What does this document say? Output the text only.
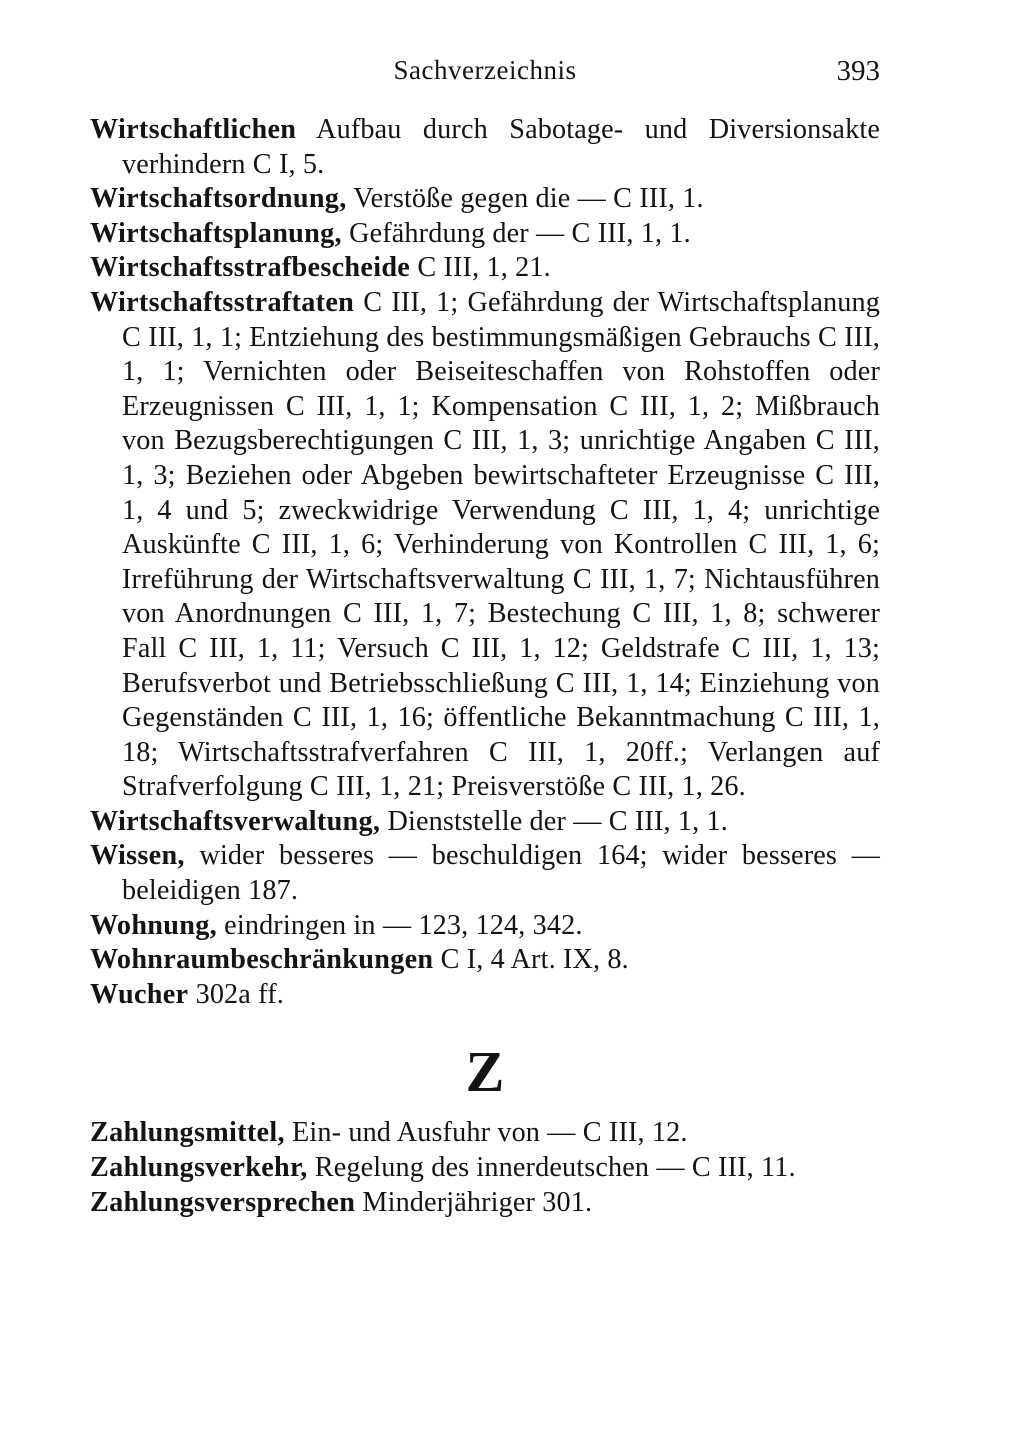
Sachverzeichnis	393

Wirtschaftlichen Aufbau durch Sabotage- und Diversionsakte verhindern C I, 5.

Wirtschaftsordnung, Verstöße gegen die — C III, 1.

Wirtschaftsplanung, Gefährdung der — C III, 1, 1.

Wirtschaftsstrafbescheide C III, 1, 21.

Wirtschaftsstraftaten C III, 1; Gefährdung der Wirtschaftsplanung C III, 1, 1; Entziehung des bestimmungsmäßigen Gebrauchs C III, 1, 1; Vernichten oder Beiseiteschaffen von Rohstoffen oder Erzeugnissen C III, 1, 1; Kompensation C III, 1, 2; Mißbrauch von Bezugsberechtigungen C III, 1, 3; unrichtige Angaben C III, 1, 3; Beziehen oder Abgeben bewirtschafteter Erzeugnisse C III, 1, 4 und 5; zweckwidrige Verwendung C III, 1, 4; unrichtige Auskünfte C III, 1, 6; Verhinderung von Kontrollen C III, 1, 6; Irreführung der Wirtschaftsverwaltung C III, 1, 7; Nichtausführen von Anordnungen C III, 1, 7; Bestechung C III, 1, 8; schwerer Fall C III, 1, 11; Versuch C III, 1, 12; Geldstrafe C III, 1, 13; Berufsverbot und Betriebsschließung C III, 1, 14; Einziehung von Gegenständen C III, 1, 16; öffentliche Bekanntmachung C III, 1, 18; Wirtschaftsstrafverfahren C III, 1, 20ff.; Verlangen auf Strafverfolgung C III, 1, 21; Preisverstöße C III, 1, 26.

Wirtschaftsverwaltung, Dienststelle der — C III, 1, 1.

Wissen, wider besseres — beschuldigen 164; wider besseres — beleidigen 187.

Wohnung, eindringen in — 123, 124, 342.

Wohnraumbeschränkungen C I, 4 Art. IX, 8.

Wucher 302a ff.

Z

Zahlungsmittel, Ein- und Ausfuhr von — C III, 12.

Zahlungsverkehr, Regelung des innerdeutschen — C III, 11.

Zahlungsversprechen Minderjähriger 301.
